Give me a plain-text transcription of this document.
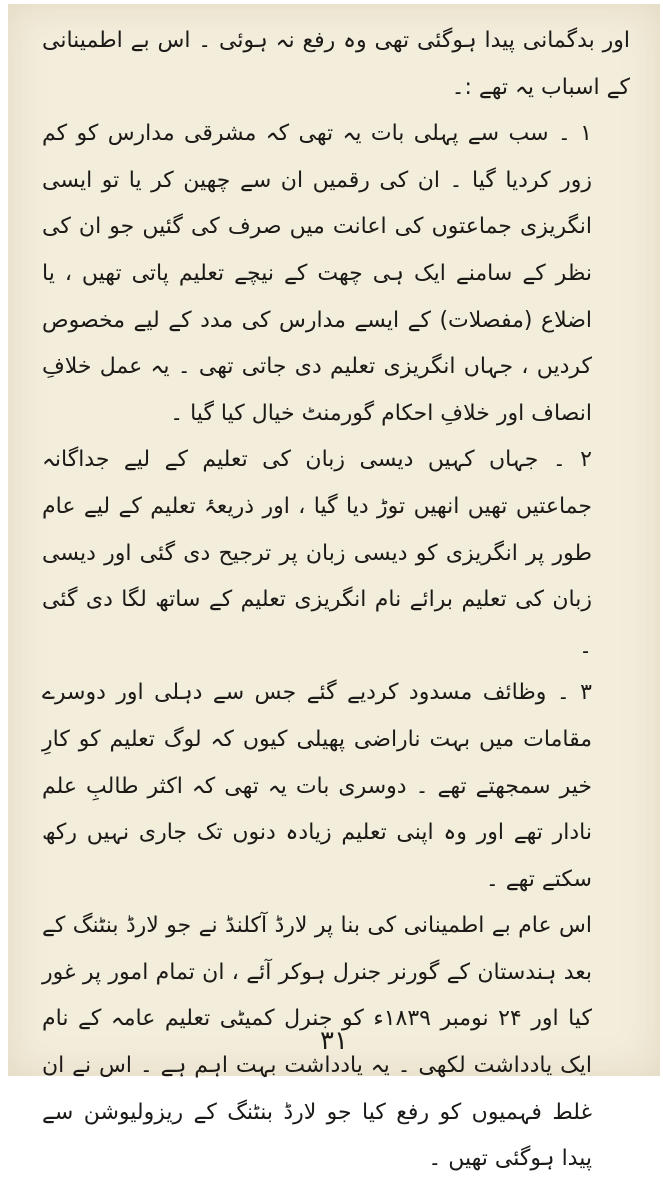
اور بدگمانی پیدا ہوگئی تھی وہ رفع نہ ہوئی ۔ اس بے اطمینانی کے اسباب یہ تھے :۔

۱ ۔ سب سے پہلی بات یہ تھی کہ مشرقی مدارس کو کم زور کردیا گیا ۔ ان کی رقمیں ان سے چھین کر یا تو ایسی انگریزی جماعتوں کی اعانت میں صرف کی گئیں جو ان کی نظر کے سامنے ایک ہی چھت کے نیچے تعلیم پاتی تھیں ، یا اضلاع (مفصلات) کے ایسے مدارس کی مدد کے لیے مخصوص کردیں ، جہاں انگریزی تعلیم دی جاتی تھی ۔ یہ عمل خلافِ انصاف اور خلافِ احکام گورمنٹ خیال کیا گیا ۔

۲ ۔ جہاں کہیں دیسی زبان کی تعلیم کے لیے جداگانہ جماعتیں تھیں انھیں توڑ دیا گیا ، اور ذریعۂ تعلیم کے لیے عام طور پر انگریزی کو دیسی زبان پر ترجیح دی گئی اور دیسی زبان کی تعلیم برائے نام انگریزی تعلیم کے ساتھ لگا دی گئی ۔

۳ ۔ وظائف مسدود کردیے گئے جس سے دہلی اور دوسرے مقامات میں بہت ناراضی پھیلی کیوں کہ لوگ تعلیم کو کارِ خیر سمجھتے تھے ۔ دوسری بات یہ تھی کہ اکثر طالبِ علم نادار تھے اور وہ اپنی تعلیم زیادہ دنوں تک جاری نہیں رکھ سکتے تھے ۔

اس عام بے اطمینانی کی بنا پر لارڈ آکلنڈ نے جو لارڈ بنٹنگ کے بعد ہندستان کے گورنر جنرل ہوکر آئے ، ان تمام امور پر غور کیا اور ۲۴ نومبر ۱۸۳۹ء کو جنرل کمیٹی تعلیم عامہ کے نام ایک یادداشت لکھی ۔ یہ یادداشت بہت اہم ہے ۔ اس نے ان غلط فہمیوں کو رفع کیا جو لارڈ بنٹنگ کے ریزولیوشن سے پیدا ہوگئی تھیں ۔

۳۱
